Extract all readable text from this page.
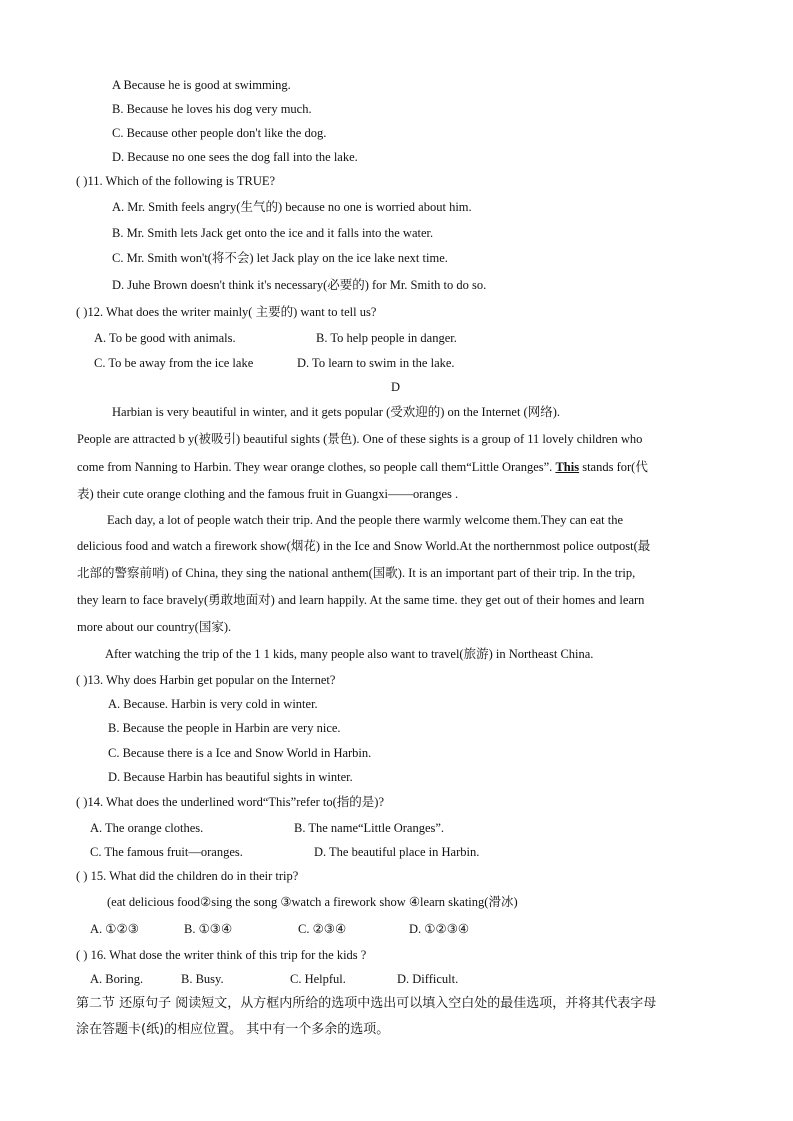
A Because he is good at swimming.
B. Because he loves his dog very much.
C. Because other people don't like the dog.
D. Because no one sees the dog fall into the lake.
( )11. Which of the following is TRUE?
A. Mr. Smith feels angry(生气的) because no one is worried about him.
B. Mr. Smith lets Jack get onto the ice and it falls into the water.
C. Mr. Smith won't(将不会) let Jack play on the ice lake next time.
D. Juhe Brown doesn't think it's necessary(必要的) for Mr. Smith to do so.
( )12. What does the writer mainly( 主要的) want to tell us?
A. To be good with animals.	B. To help people in danger.
C. To be away from the ice lake	D. To learn to swim in the lake.
D
Harbian is very beautiful in winter, and it gets popular (受欢迎的) on the Internet (网络).
People are attracted b y(被吸引) beautiful sights (景色). One of these sights is a group of 11 lovely children who
come from Nanning to Harbin. They wear orange clothes, so people call them“Little Oranges”. This stands for(代
表) their cute orange clothing and the famous fruit in Guangxi——oranges .
Each day, a lot of people watch their trip. And the people there warmly welcome them.They can eat the
delicious food and watch a firework show(烟花) in the Ice and Snow World.At the northernmost police outpost(最
北部的警察前哨) of China, they sing the national anthem(国歌). It is an important part of their trip. In the trip,
they learn to face bravely(勇敢地面对) and learn happily. At the same time. they get out of their homes and learn
more about our country(国家).
After watching the trip of the 1 1 kids, many people also want to travel(旅游) in Northeast China.
( )13. Why does Harbin get popular on the Internet?
A. Because. Harbin is very cold in winter.
B. Because the people in Harbin are very nice.
C. Because there is a Ice and Snow World in Harbin.
D. Because Harbin has beautiful sights in winter.
( )14. What does the underlined word“This”refer to(指的是)?
A. The orange clothes.	B. The name“Little Oranges”.
C. The famous fruit—oranges.	D. The beautiful place in Harbin.
( ) 15. What did the children do in their trip?
(eat delicious food②sing the song ③watch a firework show ④learn skating(滑冰)
A. ①②③	B. ①③④	C. ②③④	D. ①②③④
( ) 16. What dose the writer think of this trip for the kids ?
A. Boring.	B. Busy.	C. Helpful.	D. Difficult.
第二节 还原句子 阅读短文，从方框内所给的选项中选出可以填入空白处的最佳选项，并将其代表字母
涂在答题卡(纸)的相应位置。 其中有一个多余的选项。
